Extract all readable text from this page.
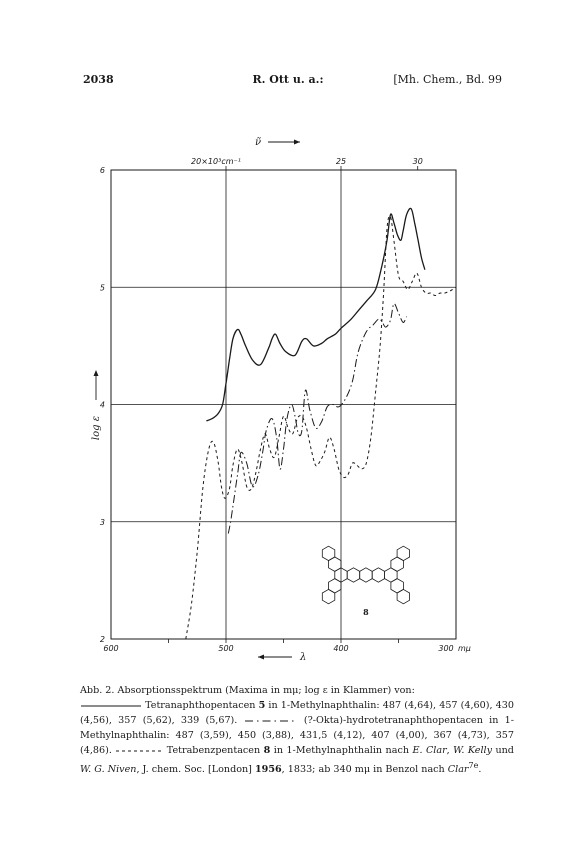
2038	R. Ott u. a.:	[Mh. Chem., Bd. 99
6
5
4
3
2
600	500	400	300 mμ
20×10³cm⁻¹	25	30
ν̃
λ
log ε
8

Abb. 2. Absorptionsspektrum (Maxima in mμ; log ε in Klammer) von:
Tetranaphthopentacen 5 in 1-Methylnaphthalin: 487 (4,64), 457 (4,60), 430 (4,56), 357 (5,62), 339 (5,67).	(?-Okta)-hydrotetranaphthopentacen in 1-Methylnaphthalin: 487 (3,59), 450 (3,88), 431,5 (4,12), 407 (4,00), 367 (4,73), 357 (4,86).	Tetrabenzpentacen 8 in 1-Methylnaphthalin nach E. Clar, W. Kelly und W. G. Niven, J. chem. Soc. [London] 1956, 1833; ab 340 mμ in Benzol nach Clar$^{7e}$.
